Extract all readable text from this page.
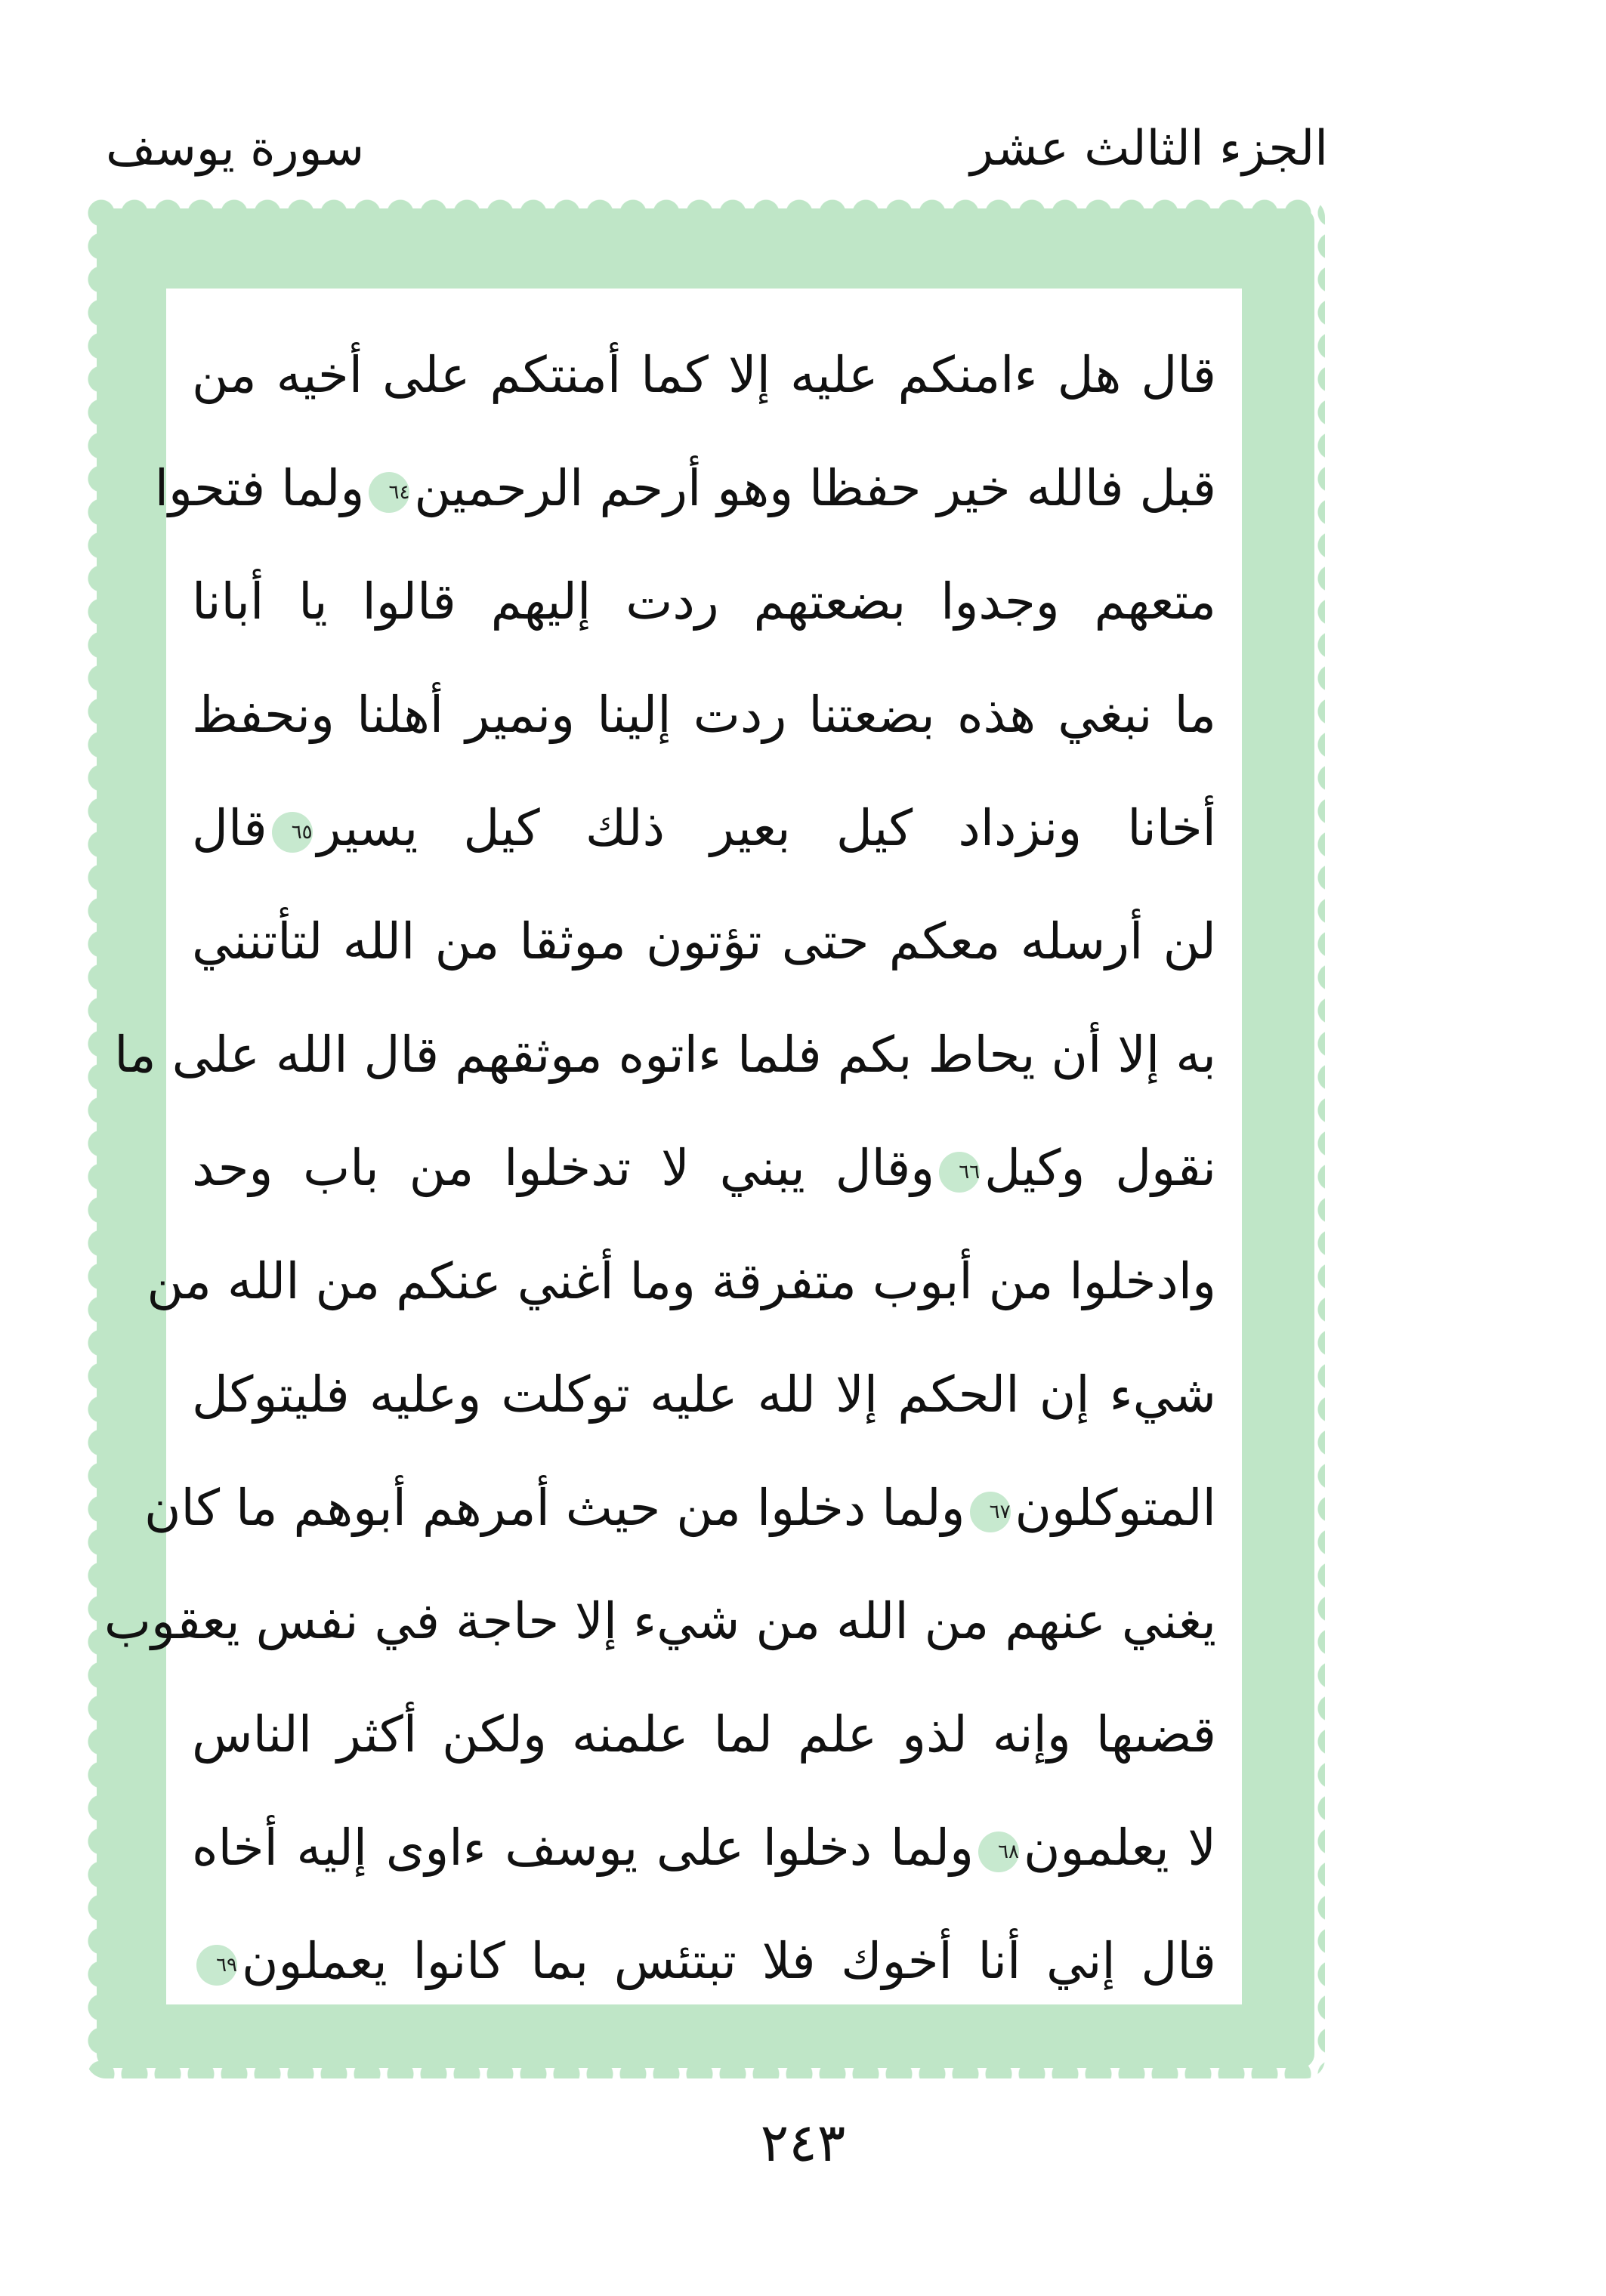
الجزء الثالث عشر
سورة يوسف
قال هل ءامنكم عليه إلا كما أمنتكم على أخيه من
قبل فالله خير حفظا وهو أرحم الرحمين٦٤ولما فتحوا
متعهم وجدوا بضعتهم ردت إليهم قالوا يا أبانا
ما نبغي هذه بضعتنا ردت إلينا ونمير أهلنا ونحفظ
أخانا ونزداد كيل بعير ذلك كيل يسير٦٥قال
لن أرسله معكم حتى تؤتون موثقا من الله لتأتنني
به إلا أن يحاط بكم فلما ءاتوه موثقهم قال الله على ما
نقول وكيل٦٦وقال يبني لا تدخلوا من باب وحد
وادخلوا من أبوب متفرقة وما أغني عنكم من الله من
شيء إن الحكم إلا لله عليه توكلت وعليه فليتوكل
المتوكلون٦٧ولما دخلوا من حيث أمرهم أبوهم ما كان
يغني عنهم من الله من شيء إلا حاجة في نفس يعقوب
قضىها وإنه لذو علم لما علمنه ولكن أكثر الناس
لا يعلمون٦٨ولما دخلوا على يوسف ءاوى إليه أخاه
قال إني أنا أخوك فلا تبتئس بما كانوا يعملون٦٩
٢٤٣
